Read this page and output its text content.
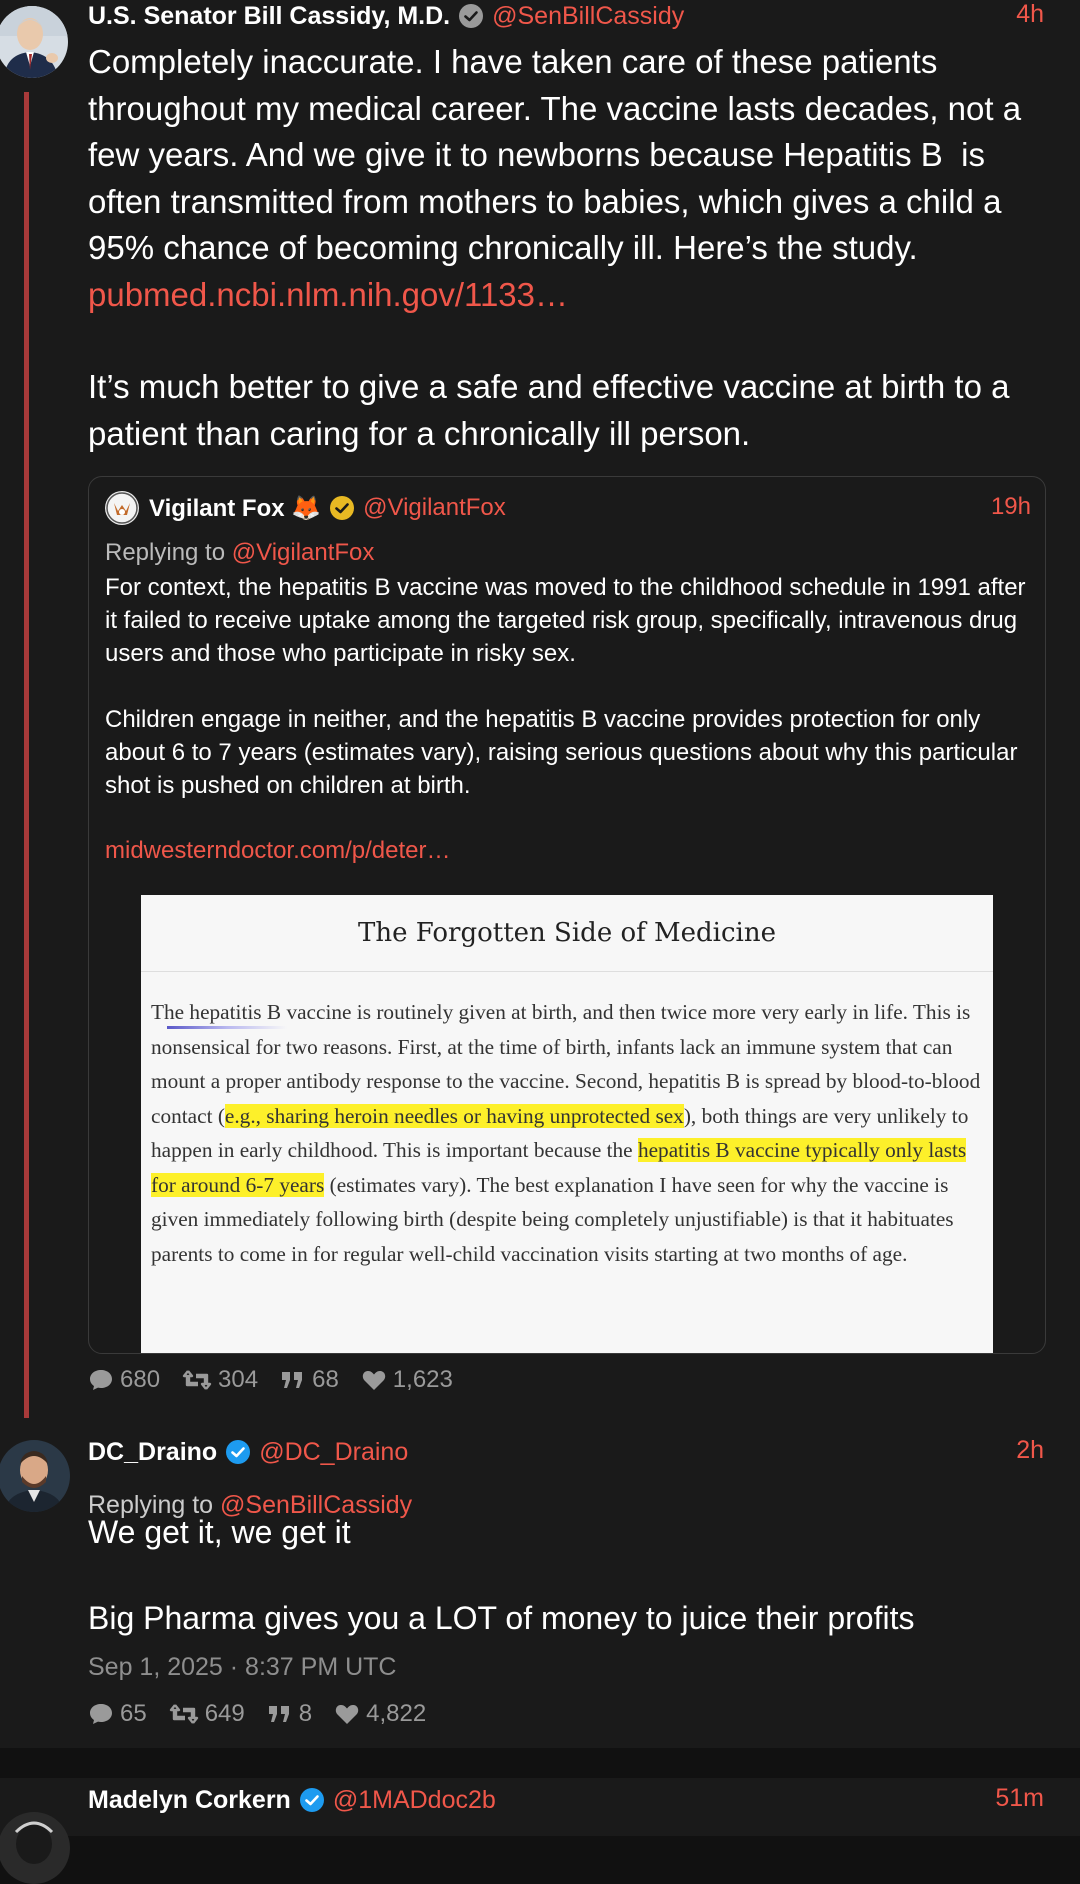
U.S. Senator Bill Cassidy, M.D. @SenBillCassidy	4h
Completely inaccurate. I have taken care of these patients throughout my medical career. The vaccine lasts decades, not a few years. And we give it to newborns because Hepatitis B  is often transmitted from mothers to babies, which gives a child a 95% chance of becoming chronically ill. Here’s the study. pubmed.ncbi.nlm.nih.gov/1133…
It’s much better to give a safe and effective vaccine at birth to a patient than caring for a chronically ill person.
Vigilant Fox 🦊 @VigilantFox	19h
Replying to @VigilantFox
For context, the hepatitis B vaccine was moved to the childhood schedule in 1991 after it failed to receive uptake among the targeted risk group, specifically, intravenous drug users and those who participate in risky sex.

Children engage in neither, and the hepatitis B vaccine provides protection for only about 6 to 7 years (estimates vary), raising serious questions about why this particular shot is pushed on children at birth.
midwesterndoctor.com/p/deter…
The Forgotten Side of Medicine
The hepatitis B vaccine is routinely given at birth, and then twice more very early in life. This is nonsensical for two reasons. First, at the time of birth, infants lack an immune system that can mount a proper antibody response to the vaccine. Second, hepatitis B is spread by blood-to-blood contact (e.g., sharing heroin needles or having unprotected sex), both things are very unlikely to happen in early childhood. This is important because the hepatitis B vaccine typically only lasts for around 6-7 years (estimates vary). The best explanation I have seen for why the vaccine is given immediately following birth (despite being completely unjustifiable) is that it habituates parents to come in for regular well-child vaccination visits starting at two months of age.
680 304 68 1,623
DC_Draino @DC_Draino	2h
Replying to @SenBillCassidy
We get it, we get it

Big Pharma gives you a LOT of money to juice their profits
Sep 1, 2025 · 8:37 PM UTC
65 649 8 4,822
Madelyn Corkern @1MADdoc2b	51m
